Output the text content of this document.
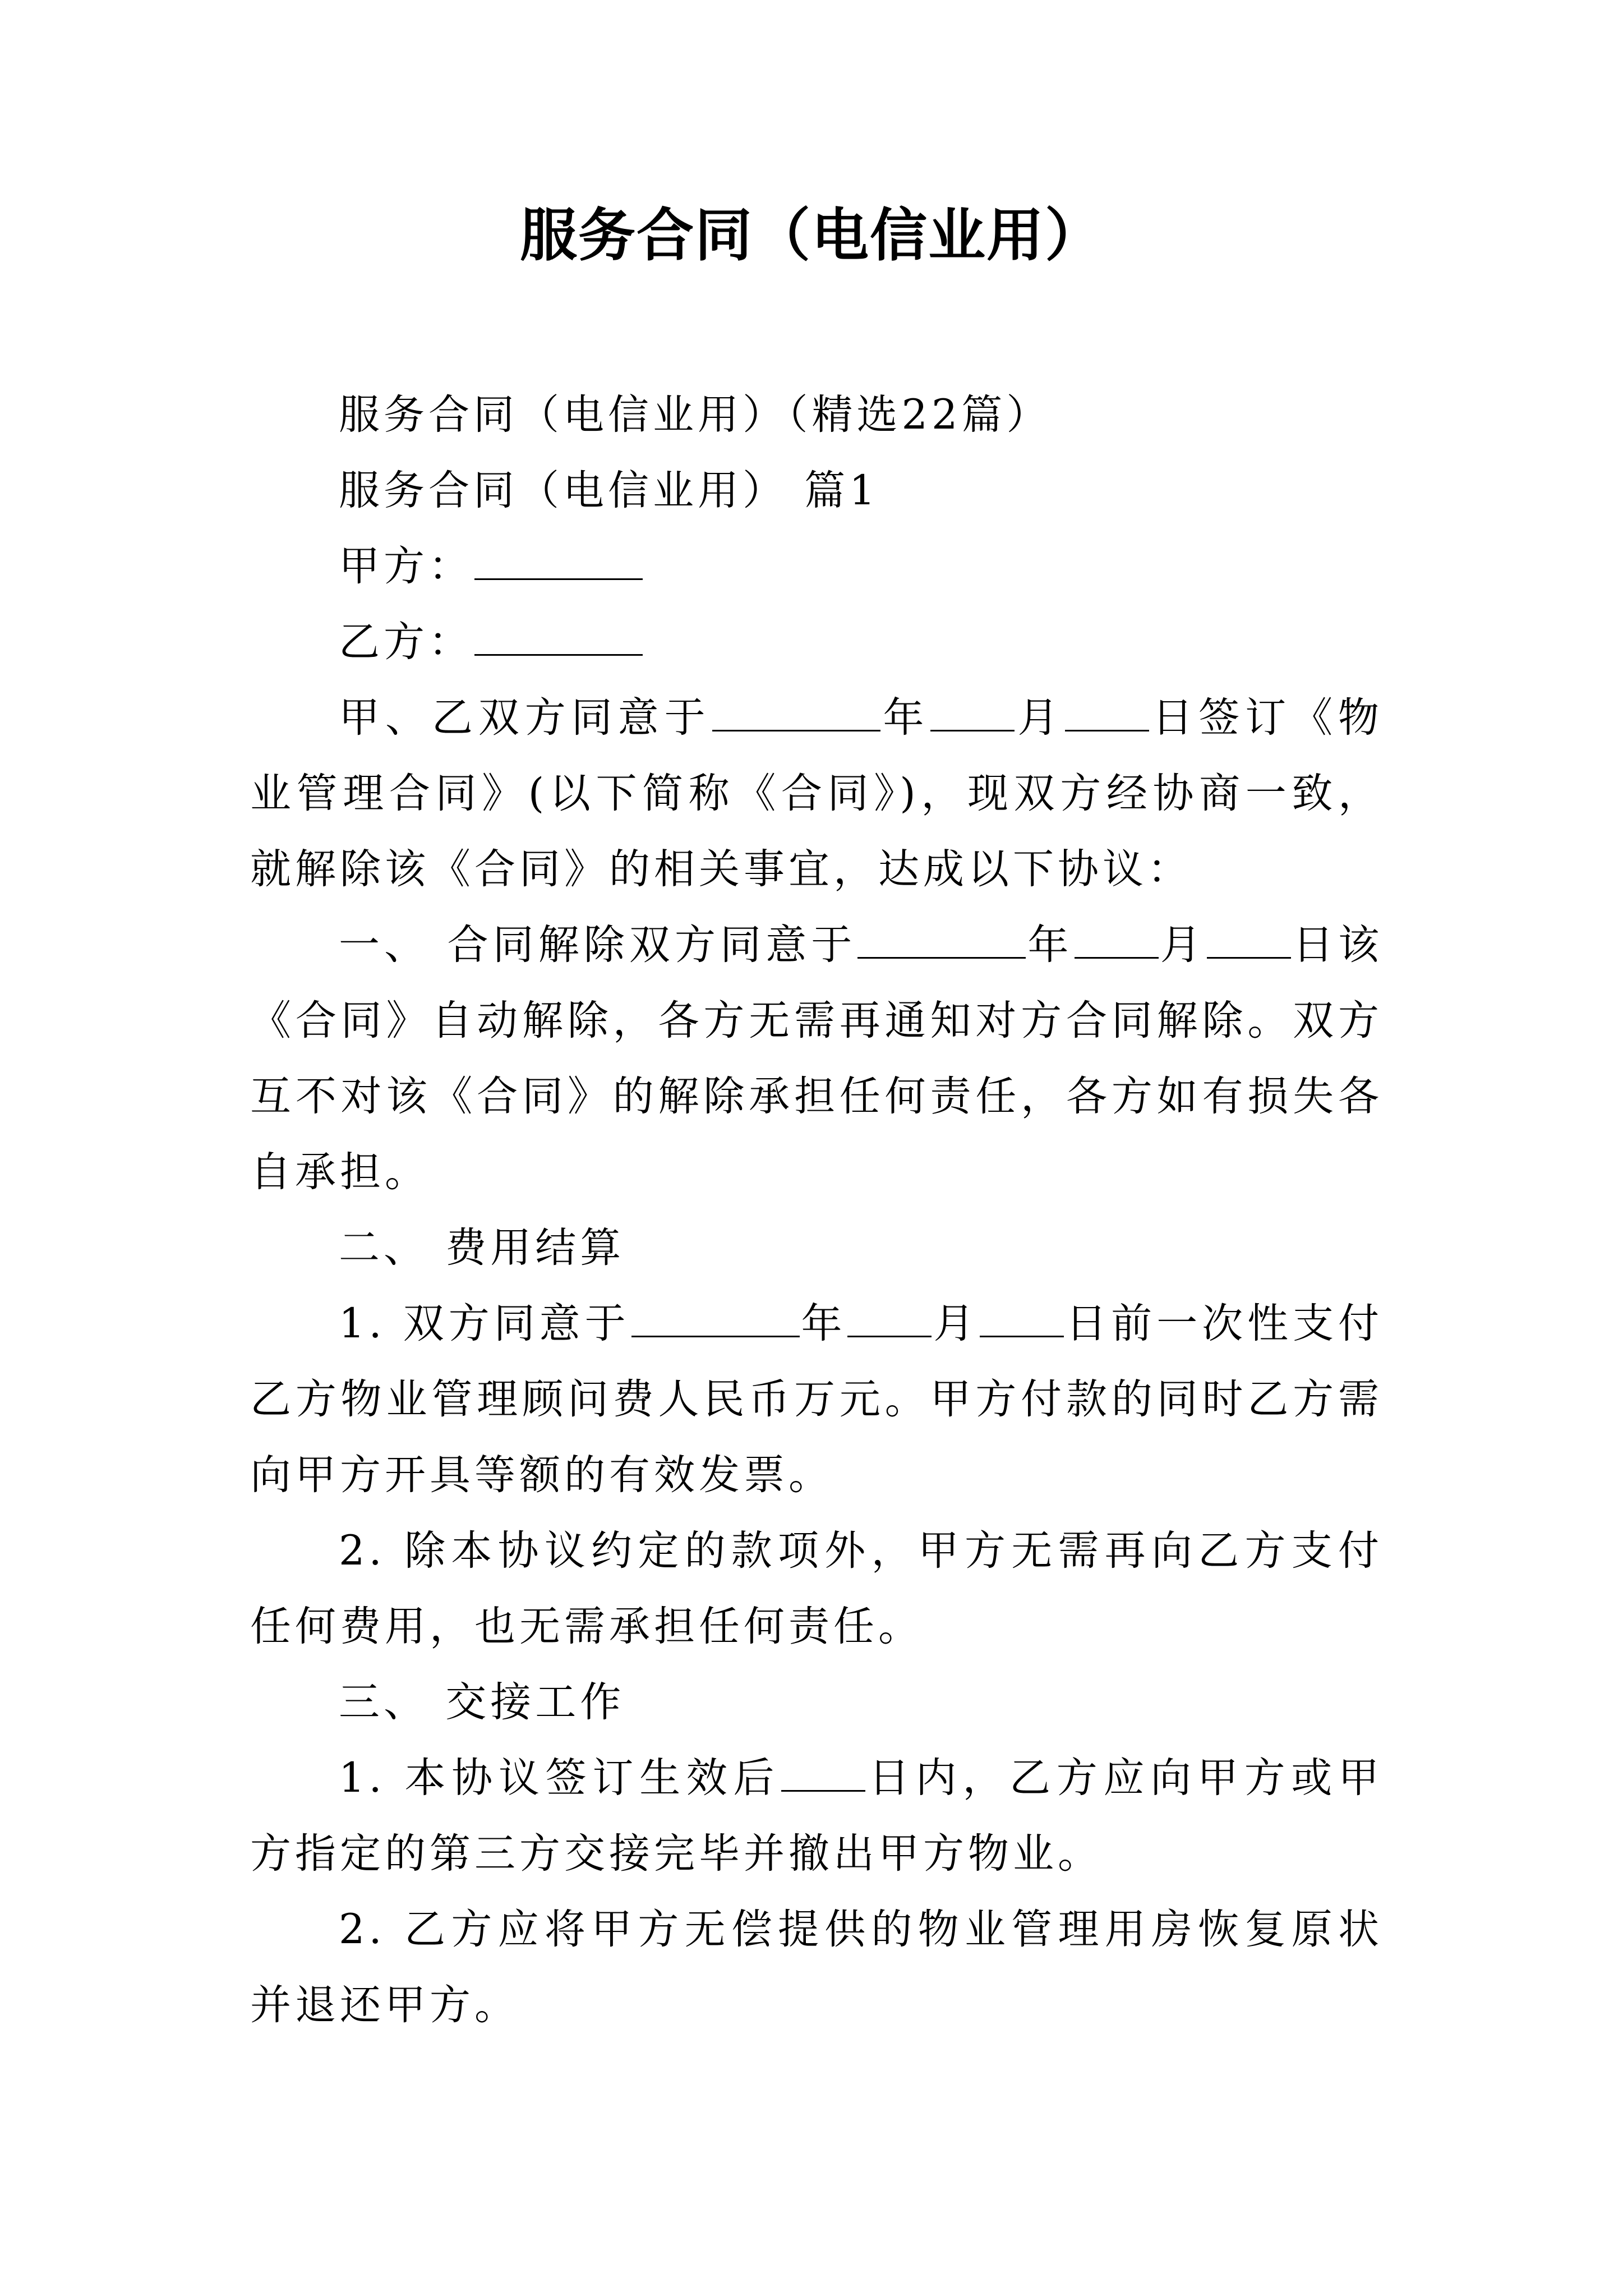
服务合同（电信业用）

服务合同（电信业用）（精选22篇）

服务合同（电信业用） 篇1

甲方：

乙方：

甲、乙双方同意于	年 月 日签订《物业管理合同》(以下简称《合同》)，现双方经协商一致，就解除该《合同》的相关事宜，达成以下协议：

一、 合同解除双方同意于	年 月 日该《合同》自动解除，各方无需再通知对方合同解除。双方互不对该《合同》的解除承担任何责任，各方如有损失各自承担。

二、 费用结算

1. 双方同意于	年 月 日前一次性支付乙方物业管理顾问费人民币万元。甲方付款的同时乙方需向甲方开具等额的有效发票。

2. 除本协议约定的款项外，甲方无需再向乙方支付任何费用，也无需承担任何责任。

三、 交接工作

1. 本协议签订生效后 日内，乙方应向甲方或甲方指定的第三方交接完毕并撤出甲方物业。

2. 乙方应将甲方无偿提供的物业管理用房恢复原状并退还甲方。
